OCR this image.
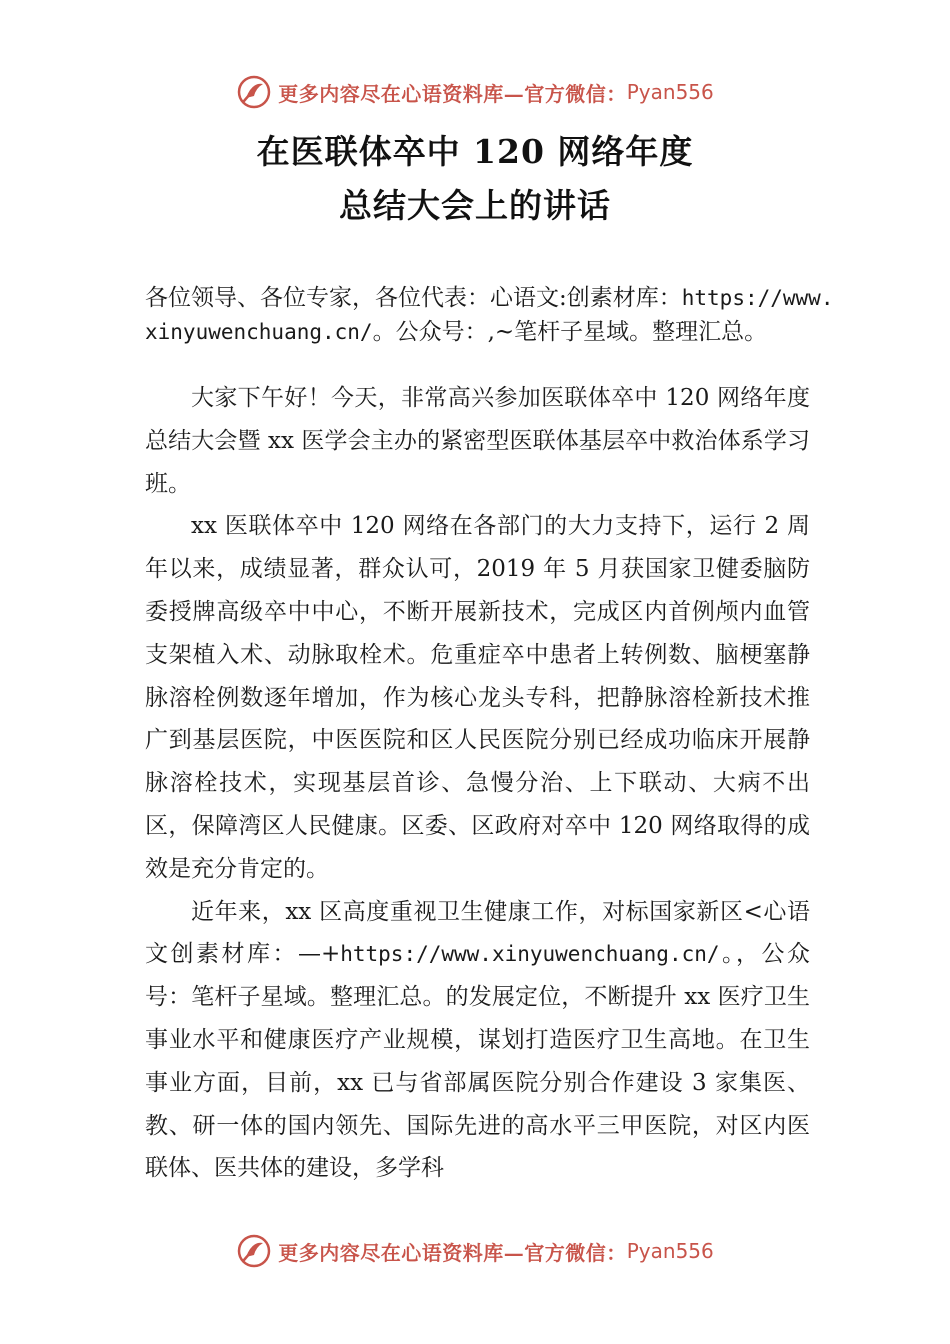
更多内容尽在心语资料库—官方微信： Pyan556
在医联体卒中 120 网络年度
总结大会上的讲话
各位领导、各位专家，各位代表：心语文:创素材库：https://www.xinyuwenchuang.cn/。公众号：,~笔杆子星域。整理汇总。

大家下午好！今天，非常高兴参加医联体卒中 120 网络年度总结大会暨 xx 医学会主办的紧密型医联体基层卒中救治体系学习班。

xx 医联体卒中 120 网络在各部门的大力支持下，运行 2 周年以来，成绩显著，群众认可，2019 年 5 月获国家卫健委脑防委授牌高级卒中中心，不断开展新技术，完成区内首例颅内血管支架植入术、动脉取栓术。危重症卒中患者上转例数、脑梗塞静脉溶栓例数逐年增加，作为核心龙头专科，把静脉溶栓新技术推广到基层医院，中医医院和区人民医院分别已经成功临床开展静脉溶栓技术，实现基层首诊、急慢分治、上下联动、大病不出区，保障湾区人民健康。区委、区政府对卒中 120 网络取得的成效是充分肯定的。

近年来，xx 区高度重视卫生健康工作，对标国家新区<心语文创素材库：—+https://www.xinyuwenchuang.cn/。，公众号：笔杆子星域。整理汇总。的发展定位，不断提升 xx 医疗卫生事业水平和健康医疗产业规模，谋划打造医疗卫生高地。在卫生事业方面，目前，xx 已与省部属医院分别合作建设 3 家集医、教、研一体的国内领先、国际先进的高水平三甲医院，对区内医联体、医共体的建设，多学科

更多内容尽在心语资料库—官方微信： Pyan556
